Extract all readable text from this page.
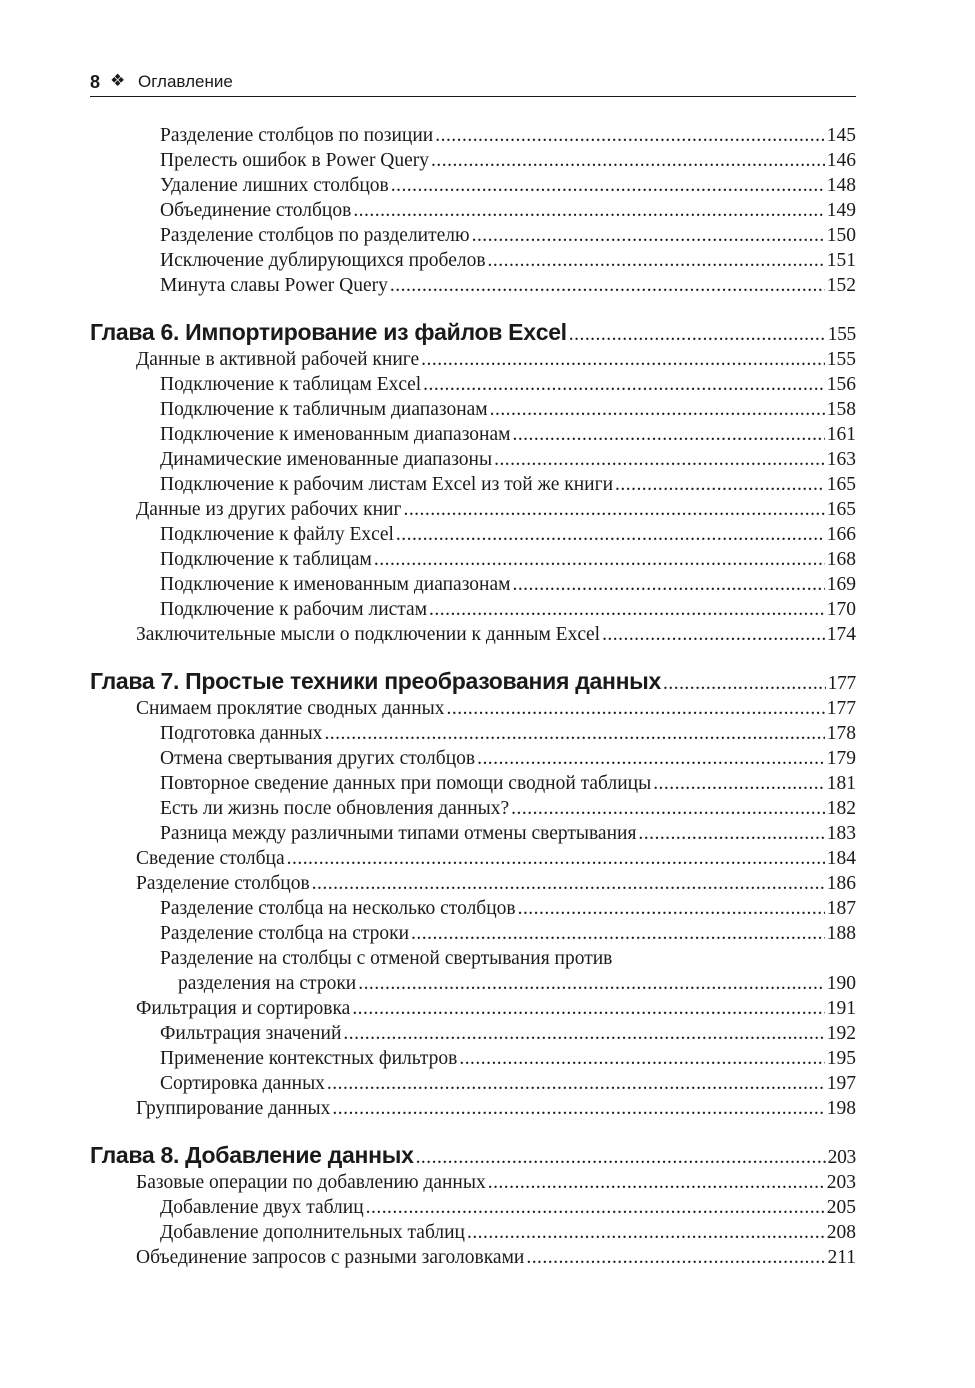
8 ❖ Оглавление
Разделение столбцов по позиции . . .	145
Прелесть ошибок в Power Query . . .	146
Удаление лишних столбцов . . .	148
Объединение столбцов . . .	149
Разделение столбцов по разделителю . . .	150
Исключение дублирующихся пробелов . . .	151
Минута славы Power Query . . .	152
Глава 6. Импортирование из файлов Excel . . .	155
Данные в активной рабочей книге . . .	155
Подключение к таблицам Excel . . .	156
Подключение к табличным диапазонам . . .	158
Подключение к именованным диапазонам . . .	161
Динамические именованные диапазоны . . .	163
Подключение к рабочим листам Excel из той же книги . . .	165
Данные из других рабочих книг . . .	165
Подключение к файлу Excel . . .	166
Подключение к таблицам . . .	168
Подключение к именованным диапазонам . . .	169
Подключение к рабочим листам . . .	170
Заключительные мысли о подключении к данным Excel . . .	174
Глава 7. Простые техники преобразования данных . . .	177
Снимаем проклятие сводных данных . . .	177
Подготовка данных . . .	178
Отмена свертывания других столбцов . . .	179
Повторное сведение данных при помощи сводной таблицы . . .	181
Есть ли жизнь после обновления данных? . . .	182
Разница между различными типами отмены свертывания . . .	183
Сведение столбца . . .	184
Разделение столбцов . . .	186
Разделение столбца на несколько столбцов . . .	187
Разделение столбца на строки . . .	188
Разделение на столбцы с отменой свертывания против
разделения на строки . . .	190
Фильтрация и сортировка . . .	191
Фильтрация значений . . .	192
Применение контекстных фильтров . . .	195
Сортировка данных . . .	197
Группирование данных . . .	198
Глава 8. Добавление данных . . .	203
Базовые операции по добавлению данных . . .	203
Добавление двух таблиц . . .	205
Добавление дополнительных таблиц . . .	208
Объединение запросов с разными заголовками . . .	211
